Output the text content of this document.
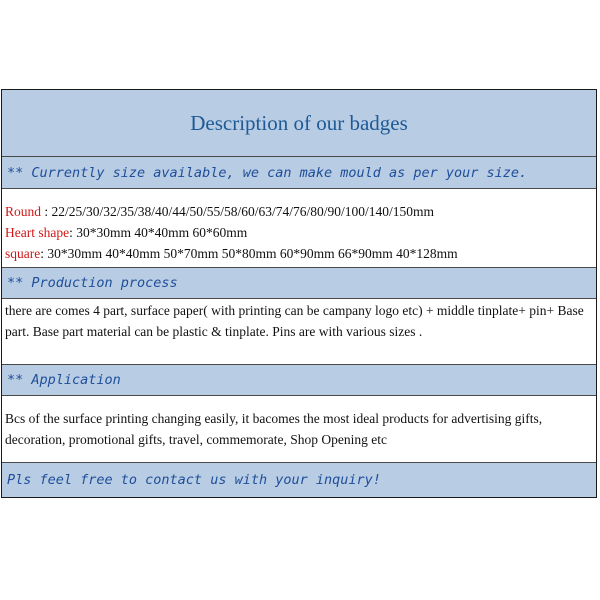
Description of our badges
** Currently size available, we can make mould as per your size.
Round : 22/25/30/32/35/38/40/44/50/55/58/60/63/74/76/80/90/100/140/150mm
Heart shape: 30*30mm 40*40mm 60*60mm
square: 30*30mm 40*40mm 50*70mm 50*80mm 60*90mm 66*90mm 40*128mm
** Production process
there are comes 4 part, surface paper( with printing can be campany logo etc) + middle tinplate+ pin+ Base part. Base part material can be plastic & tinplate. Pins are with various sizes .
** Application
Bcs of the surface printing changing easily, it bacomes the most ideal products for advertising gifts, decoration, promotional gifts, travel, commemorate, Shop Opening etc
Pls feel free to contact us with your inquiry!
